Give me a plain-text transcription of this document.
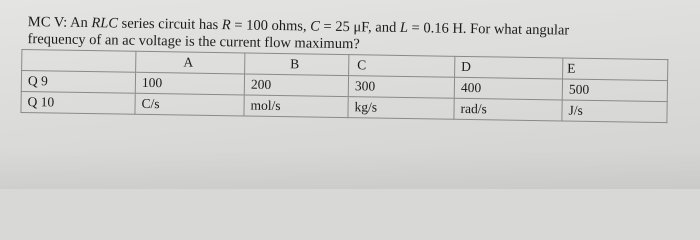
MC V: An RLC series circuit has R = 100 ohms, C = 25 μF, and L = 0.16 H. For what angular

frequency of an ac voltage is the current flow maximum?

	A	B	C	D	E
Q 9	100	200	300	400	500
Q 10	C/s	mol/s	kg/s	rad/s	J/s
